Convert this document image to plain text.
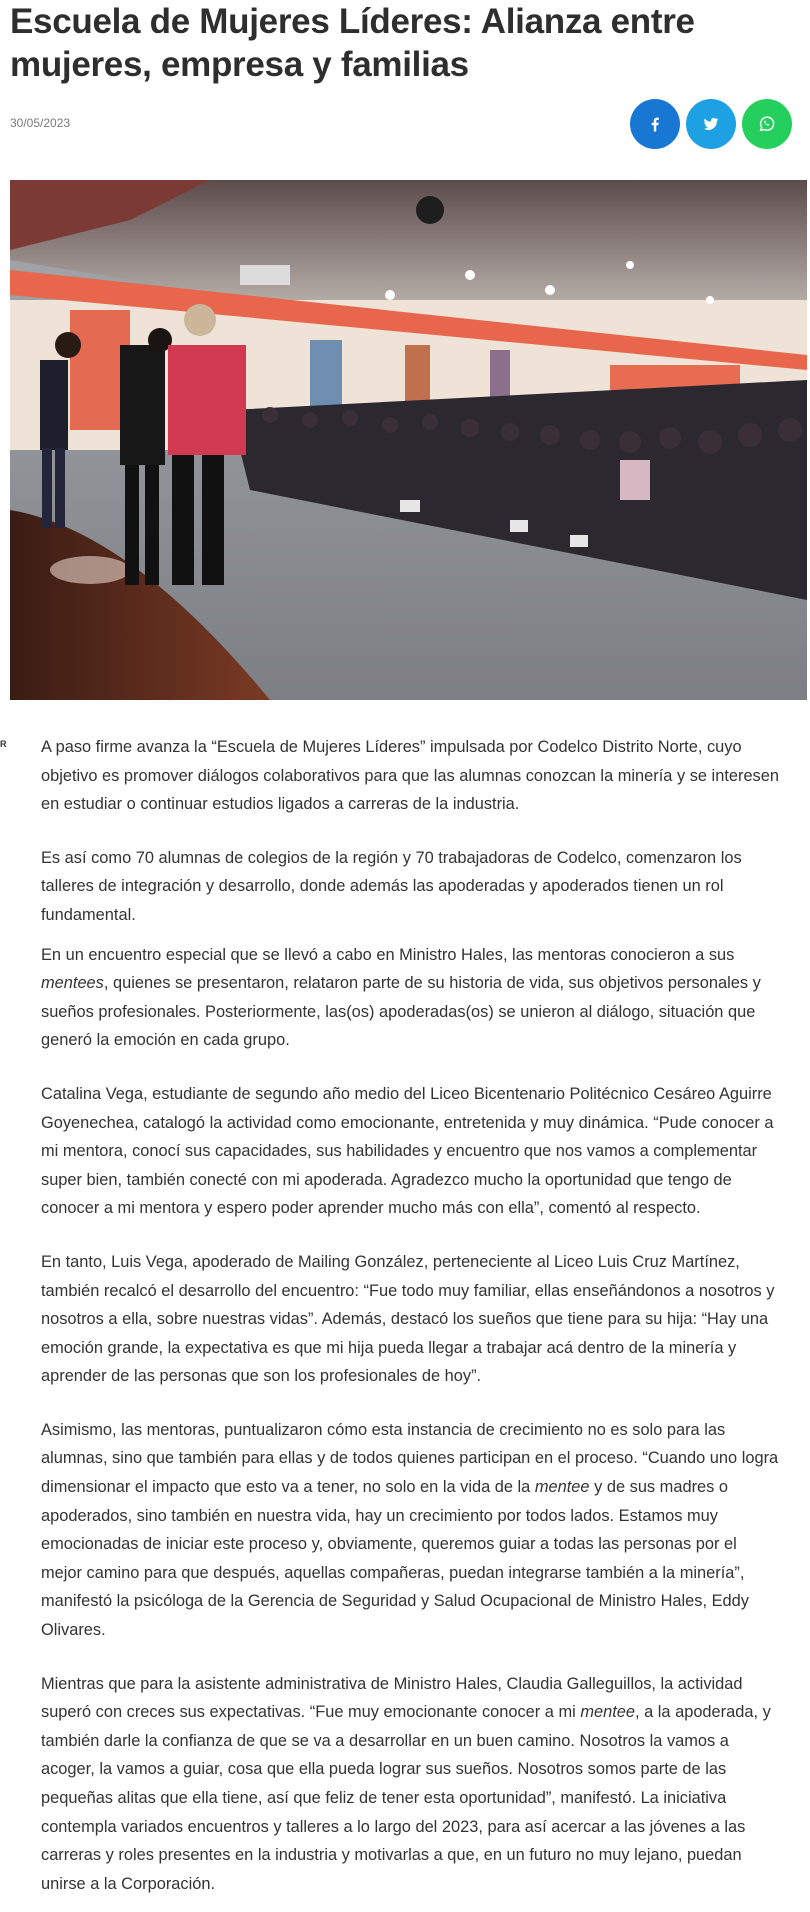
Escuela de Mujeres Líderes: Alianza entre mujeres, empresa y familias
30/05/2023
R A paso firme avanza la “Escuela de Mujeres Líderes” impulsada por Codelco Distrito Norte, cuyo objetivo es promover diálogos colaborativos para que las alumnas conozcan la minería y se interesen en estudiar o continuar estudios ligados a carreras de la industria.

Es así como 70 alumnas de colegios de la región y 70 trabajadoras de Codelco, comenzaron los talleres de integración y desarrollo, donde además las apoderadas y apoderados tienen un rol fundamental.

En un encuentro especial que se llevó a cabo en Ministro Hales, las mentoras conocieron a sus mentees, quienes se presentaron, relataron parte de su historia de vida, sus objetivos personales y sueños profesionales. Posteriormente, las(os) apoderadas(os) se unieron al diálogo, situación que generó la emoción en cada grupo.

Catalina Vega, estudiante de segundo año medio del Liceo Bicentenario Politécnico Cesáreo Aguirre Goyenechea, catalogó la actividad como emocionante, entretenida y muy dinámica. “Pude conocer a mi mentora, conocí sus capacidades, sus habilidades y encuentro que nos vamos a complementar super bien, también conecté con mi apoderada. Agradezco mucho la oportunidad que tengo de conocer a mi mentora y espero poder aprender mucho más con ella”, comentó al respecto.

En tanto, Luis Vega, apoderado de Mailing González, perteneciente al Liceo Luis Cruz Martínez, también recalcó el desarrollo del encuentro: “Fue todo muy familiar, ellas enseñándonos a nosotros y nosotros a ella, sobre nuestras vidas”. Además, destacó los sueños que tiene para su hija: “Hay una emoción grande, la expectativa es que mi hija pueda llegar a trabajar acá dentro de la minería y aprender de las personas que son los profesionales de hoy”.

Asimismo, las mentoras, puntualizaron cómo esta instancia de crecimiento no es solo para las alumnas, sino que también para ellas y de todos quienes participan en el proceso. “Cuando uno logra dimensionar el impacto que esto va a tener, no solo en la vida de la mentee y de sus madres o apoderados, sino también en nuestra vida, hay un crecimiento por todos lados. Estamos muy emocionadas de iniciar este proceso y, obviamente, queremos guiar a todas las personas por el mejor camino para que después, aquellas compañeras, puedan integrarse también a la minería”, manifestó la psicóloga de la Gerencia de Seguridad y Salud Ocupacional de Ministro Hales, Eddy Olivares.

Mientras que para la asistente administrativa de Ministro Hales, Claudia Galleguillos, la actividad superó con creces sus expectativas. “Fue muy emocionante conocer a mi mentee, a la apoderada, y también darle la confianza de que se va a desarrollar en un buen camino. Nosotros la vamos a acoger, la vamos a guiar, cosa que ella pueda lograr sus sueños. Nosotros somos parte de las pequeñas alitas que ella tiene, así que feliz de tener esta oportunidad”, manifestó. La iniciativa contempla variados encuentros y talleres a lo largo del 2023, para así acercar a las jóvenes a las carreras y roles presentes en la industria y motivarlas a que, en un futuro no muy lejano, puedan unirse a la Corporación.
